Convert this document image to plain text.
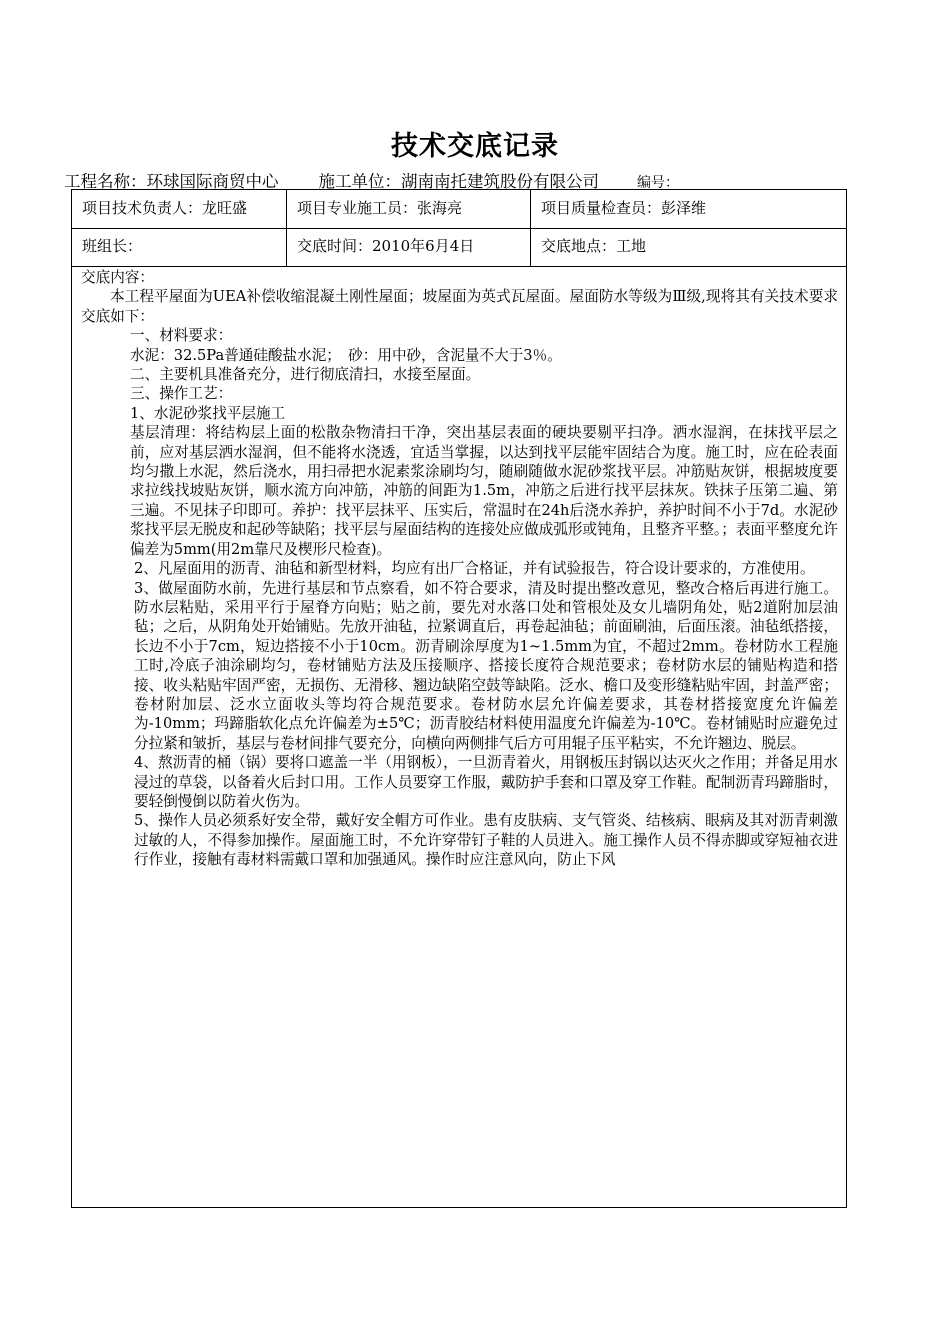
技术交底记录
工程名称：环球国际商贸中心 施工单位：湖南南托建筑股份有限公司	编号：
项目技术负责人：龙旺盛	项目专业施工员：张海亮	项目质量检查员：彭泽维
班组长：	交底时间：2010年6月4日	交底地点：工地

交底内容：

本工程平屋面为UEA补偿收缩混凝土刚性屋面；坡屋面为英式瓦屋面。屋面防水等级为Ⅲ级,现将其有关技术要求交底如下：

一、材料要求：

水泥：32.5Pa普通硅酸盐水泥；　砂：用中砂，含泥量不大于3％。

二、主要机具准备充分，进行彻底清扫，水接至屋面。

三、操作工艺：

1、水泥砂浆找平层施工

基层清理：将结构层上面的松散杂物清扫干净，突出基层表面的硬块要剔平扫净。洒水湿润，在抹找平层之前，应对基层洒水湿润，但不能将水浇透，宜适当掌握，以达到找平层能牢固结合为度。施工时，应在砼表面均匀撒上水泥，然后浇水，用扫帚把水泥素浆涂刷均匀，随刷随做水泥砂浆找平层。冲筋贴灰饼，根据坡度要求拉线找坡贴灰饼，顺水流方向冲筋，冲筋的间距为1.5m，冲筋之后进行找平层抹灰。铁抹子压第二遍、第三遍。不见抹子印即可。养护：找平层抹平、压实后，常温时在24h后浇水养护，养护时间不小于7d。水泥砂浆找平层无脱皮和起砂等缺陷；找平层与屋面结构的连接处应做成弧形或钝角，且整齐平整。；表面平整度允许偏差为5mm(用2m靠尺及楔形尺检查)。

2、凡屋面用的沥青、油毡和新型材料，均应有出厂合格证，并有试验报告，符合设计要求的，方准使用。

3、做屋面防水前，先进行基层和节点察看，如不符合要求，清及时提出整改意见，整改合格后再进行施工。防水层粘贴，采用平行于屋脊方向贴；贴之前，要先对水落口处和管根处及女儿墙阴角处，贴2道附加层油毡；之后，从阴角处开始铺贴。先放开油毡，拉紧调直后，再卷起油毡；前面刷油，后面压滚。油毡纸搭接，长边不小于7cm，短边搭接不小于10cm。沥青刷涂厚度为1~1.5mm为宜，不超过2mm。卷材防水工程施工时,冷底子油涂刷均匀，卷材铺贴方法及压接顺序、搭接长度符合规范要求；卷材防水层的铺贴构造和搭接、收头粘贴牢固严密，无损伤、无滑移、翘边缺陷空鼓等缺陷。泛水、檐口及变形缝粘贴牢固，封盖严密；卷材附加层、泛水立面收头等均符合规范要求。卷材防水层允许偏差要求，其卷材搭接宽度允许偏差为-10mm；玛蹄脂软化点允许偏差为±5℃；沥青胶结材料使用温度允许偏差为-10℃。卷材铺贴时应避免过分拉紧和皱折，基层与卷材间排气要充分，向横向两侧排气后方可用辊子压平粘实，不允许翘边、脱层。

4、熬沥青的桶（锅）要将口遮盖一半（用钢板），一旦沥青着火，用钢板压封锅以达灭火之作用；并备足用水浸过的草袋，以备着火后封口用。工作人员要穿工作服，戴防护手套和口罩及穿工作鞋。配制沥青玛蹄脂时，要轻倒慢倒以防着火伤为。

5、操作人员必须系好安全带，戴好安全帽方可作业。患有皮肤病、支气管炎、结核病、眼病及其对沥青刺激过敏的人，不得参加操作。屋面施工时，不允许穿带钉子鞋的人员进入。施工操作人员不得赤脚或穿短袖衣进行作业，接触有毒材料需戴口罩和加强通风。操作时应注意风向，防止下风
